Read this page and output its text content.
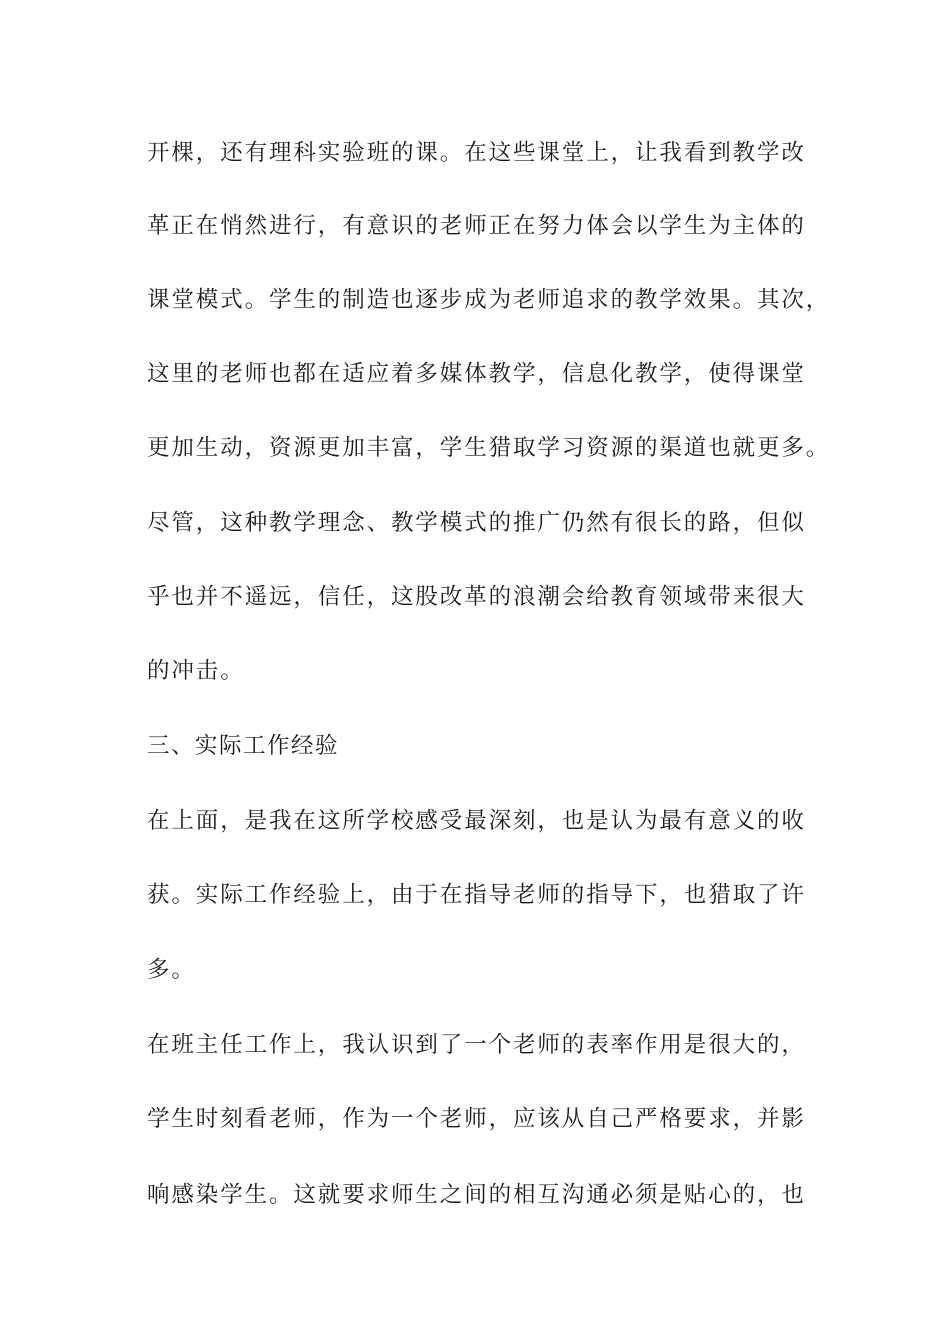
开棵，还有理科实验班的课。在这些课堂上，让我看到教学改

革正在悄然进行，有意识的老师正在努力体会以学生为主体的

课堂模式。学生的制造也逐步成为老师追求的教学效果。其次，

这里的老师也都在适应着多媒体教学，信息化教学，使得课堂

更加生动，资源更加丰富，学生猎取学习资源的渠道也就更多。

尽管，这种教学理念、教学模式的推广仍然有很长的路，但似

乎也并不遥远，信任，这股改革的浪潮会给教育领域带来很大

的冲击。

三、实际工作经验

在上面，是我在这所学校感受最深刻，也是认为最有意义的收

获。实际工作经验上，由于在指导老师的指导下，也猎取了许

多。

在班主任工作上，我认识到了一个老师的表率作用是很大的，

学生时刻看老师，作为一个老师，应该从自己严格要求，并影

响感染学生。这就要求师生之间的相互沟通必须是贴心的，也
